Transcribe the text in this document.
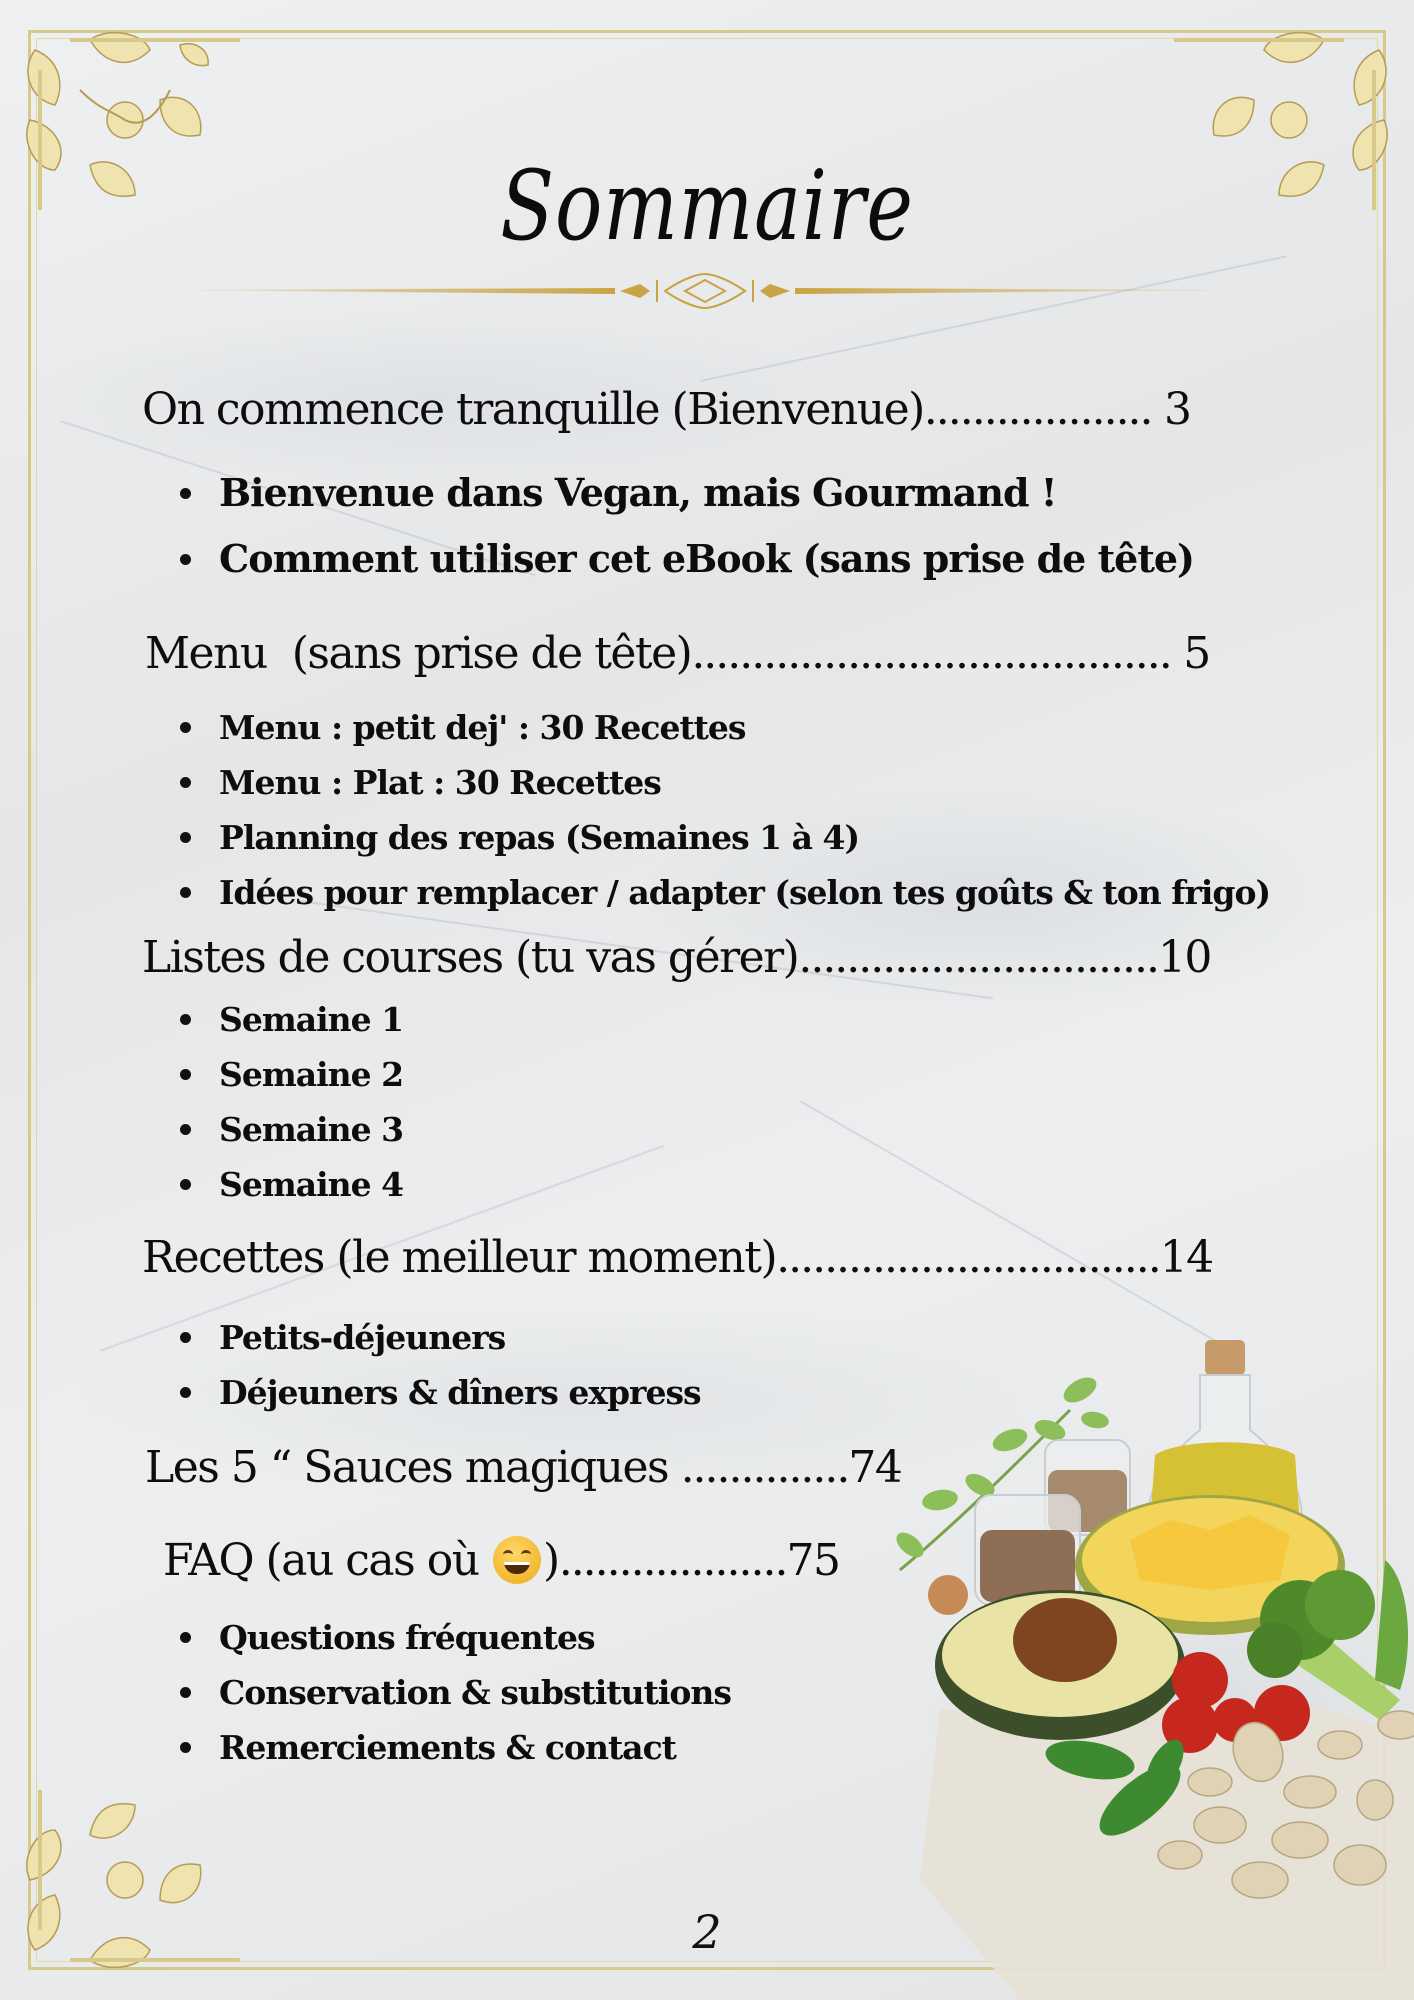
Sommaire
On commence tranquille (Bienvenue)................... 3
Bienvenue dans Vegan, mais Gourmand !
Comment utiliser cet eBook (sans prise de tête)
Menu  (sans prise de tête)........................................ 5
Menu : petit dej' : 30 Recettes
Menu : Plat : 30 Recettes
Planning des repas (Semaines 1 à 4)
Idées pour remplacer / adapter (selon tes goûts & ton frigo)
Listes de courses (tu vas gérer)..............................10
Semaine 1
Semaine 2
Semaine 3
Semaine 4
Recettes (le meilleur moment)................................14
Petits-déjeuners
Déjeuners & dîners express
Les 5 “ Sauces magiques ..............74
FAQ (au cas où
)...................75
Questions fréquentes
Conservation & substitutions
Remerciements & contact
2
